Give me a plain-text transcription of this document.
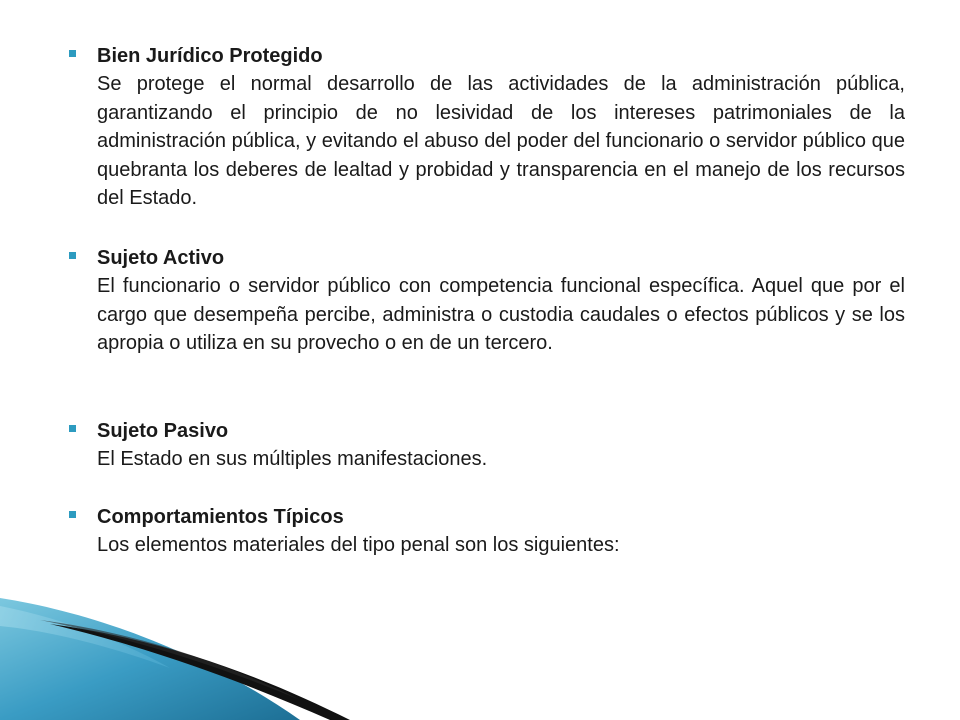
Bien Jurídico Protegido
Se protege el normal desarrollo de las actividades de la administración pública, garantizando el principio de no lesividad de los intereses patrimoniales de la administración pública, y evitando el abuso del poder del funcionario o servidor público que quebranta los deberes de lealtad y probidad y transparencia en el manejo de los recursos del Estado.
Sujeto Activo
El funcionario o servidor público con competencia funcional específica. Aquel que por el cargo que desempeña percibe, administra o custodia caudales o efectos públicos y se los apropia o utiliza en su provecho o en de un tercero.
Sujeto Pasivo
El Estado en sus múltiples manifestaciones.
Comportamientos Típicos
Los elementos materiales del tipo penal son los siguientes:
